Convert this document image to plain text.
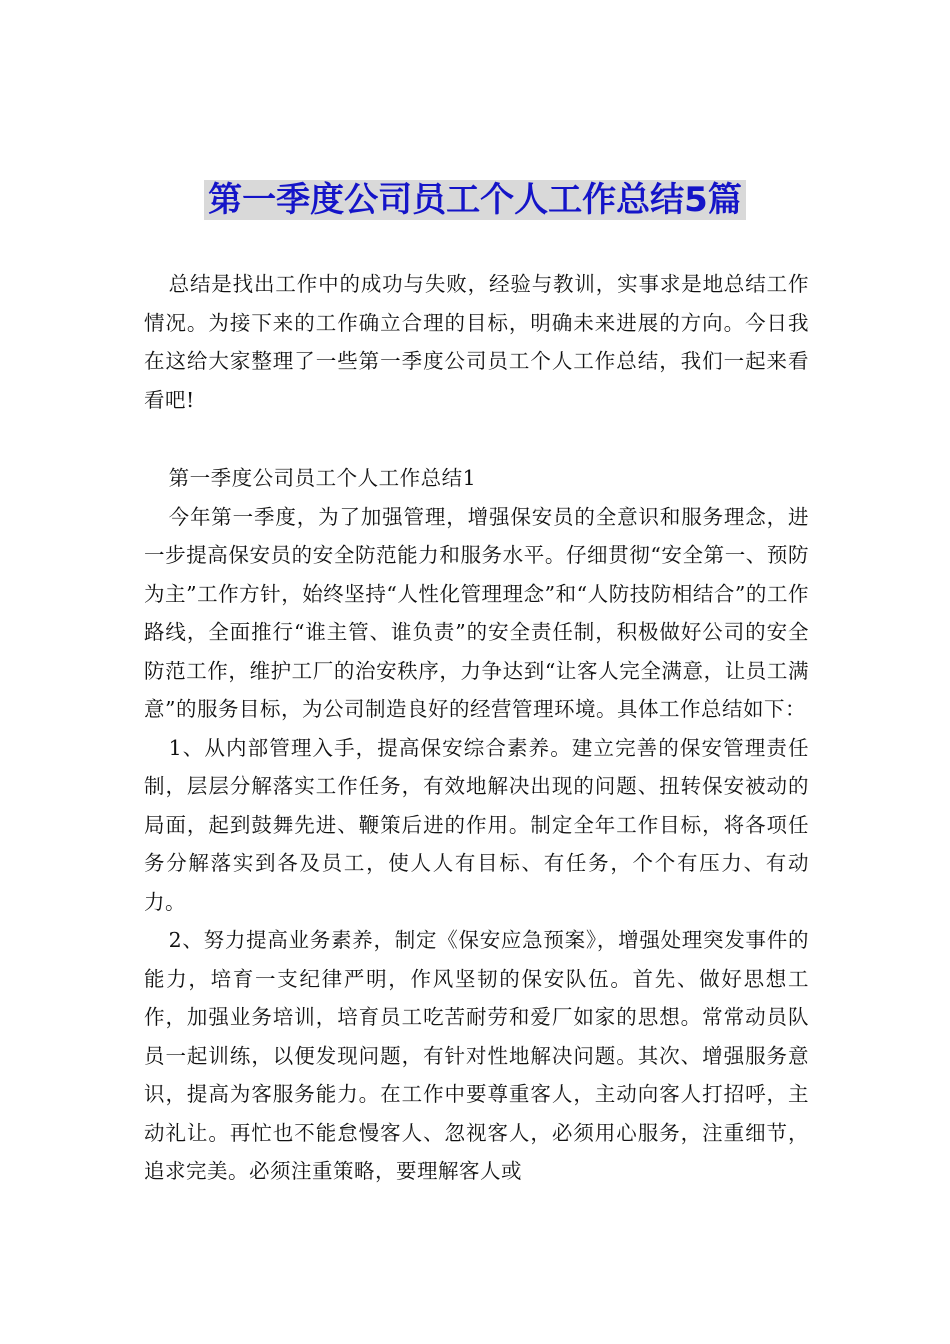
第一季度公司员工个人工作总结5篇

总结是找出工作中的成功与失败，经验与教训，实事求是地总结工作情况。为接下来的工作确立合理的目标，明确未来进展的方向。今日我在这给大家整理了一些第一季度公司员工个人工作总结，我们一起来看看吧!

第一季度公司员工个人工作总结1

今年第一季度，为了加强管理，增强保安员的全意识和服务理念，进一步提高保安员的安全防范能力和服务水平。仔细贯彻“安全第一、预防为主”工作方针，始终坚持“人性化管理理念”和“人防技防相结合”的工作路线，全面推行“谁主管、谁负责”的安全责任制，积极做好公司的安全防范工作，维护工厂的治安秩序，力争达到“让客人完全满意，让员工满意”的服务目标，为公司制造良好的经营管理环境。具体工作总结如下：

1、从内部管理入手，提高保安综合素养。建立完善的保安管理责任制，层层分解落实工作任务，有效地解决出现的问题、扭转保安被动的局面，起到鼓舞先进、鞭策后进的作用。制定全年工作目标，将各项任务分解落实到各及员工，使人人有目标、有任务，个个有压力、有动力。

2、努力提高业务素养，制定《保安应急预案》，增强处理突发事件的能力，培育一支纪律严明，作风坚韧的保安队伍。首先、做好思想工作，加强业务培训，培育员工吃苦耐劳和爱厂如家的思想。常常动员队员一起训练，以便发现问题，有针对性地解决问题。其次、增强服务意识，提高为客服务能力。在工作中要尊重客人，主动向客人打招呼，主动礼让。再忙也不能怠慢客人、忽视客人，必须用心服务，注重细节，追求完美。必须注重策略，要理解客人或
